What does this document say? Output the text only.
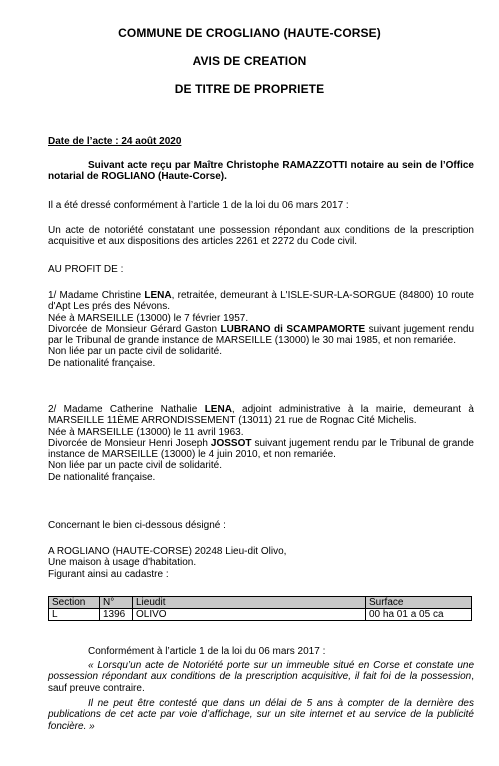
COMMUNE DE CROGLIANO (HAUTE-CORSE)
AVIS DE CREATION
DE TITRE DE PROPRIETE
Date de l’acte : 24 août 2020
Suivant acte reçu par Maître Christophe RAMAZZOTTI notaire au sein de l’Office notarial de ROGLIANO (Haute-Corse).
Il a été dressé conformément à l’article 1 de la loi du 06 mars 2017 :
Un acte de notoriété constatant une possession répondant aux conditions de la prescription acquisitive et aux dispositions des articles 2261 et 2272 du Code civil.
AU PROFIT DE :
1/ Madame Christine LENA, retraitée, demeurant à L'ISLE-SUR-LA-SORGUE (84800) 10 route d'Apt Les prés des Névons.
Née à MARSEILLE (13000) le 7 février 1957.
Divorcée de Monsieur Gérard Gaston LUBRANO di SCAMPAMORTE suivant jugement rendu par le Tribunal de grande instance de MARSEILLE (13000) le 30 mai 1985, et non remariée.
Non liée par un pacte civil de solidarité.
De nationalité française.
2/ Madame Catherine Nathalie LENA, adjoint administrative à la mairie, demeurant à MARSEILLE 11ÈME ARRONDISSEMENT (13011) 21 rue de Rognac Cité Michelis.
Née à MARSEILLE (13000) le 11 avril 1963.
Divorcée de Monsieur Henri Joseph JOSSOT suivant jugement rendu par le Tribunal de grande instance de MARSEILLE (13000) le 4 juin 2010, et non remariée.
Non liée par un pacte civil de solidarité.
De nationalité française.
Concernant le bien ci-dessous désigné :
A ROGLIANO (HAUTE-CORSE) 20248 Lieu-dit Olivo,
Une maison à usage d'habitation.
Figurant ainsi au cadastre :
Section	N°	Lieudit	Surface
L	1396	OLIVO	00 ha 01 a 05 ca
Conformément à l’article 1 de la loi du 06 mars 2017 :
« Lorsqu’un acte de Notoriété porte sur un immeuble situé en Corse et constate une possession répondant aux conditions de la prescription acquisitive, il fait foi de la possession, sauf preuve contraire.
Il ne peut être contesté que dans un délai de 5 ans à compter de la dernière des publications de cet acte par voie d’affichage, sur un site internet et au service de la publicité foncière. »
